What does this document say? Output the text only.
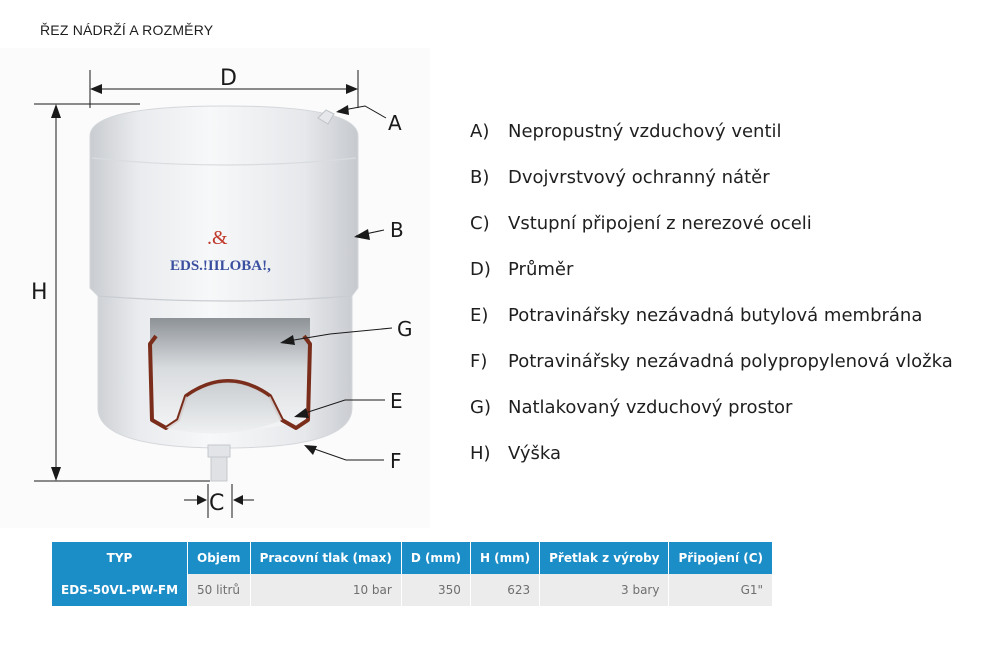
ŘEZ NÁDRŽÍ A ROZMĚRY
.&
EDS.!IILOBA!,
D
H
C
A
B
G
E
F
A)	Nepropustný vzduchový ventil
B)	Dvojvrstvový ochranný nátěr
C)	Vstupní připojení z nerezové oceli
D) Průměr
E)	Potravinářsky nezávadná butylová membrána
F)	Potravinářsky nezávadná polypropylenová vložka
G) Natlakovaný vzduchový prostor
H) Výška
TYP	Objem	Pracovní tlak (max)	D (mm)	H (mm)	Přetlak z výroby	Připojení (C)
EDS-50VL-PW-FM	50 litrů	10 bar	350	623	3 bary	G1"
